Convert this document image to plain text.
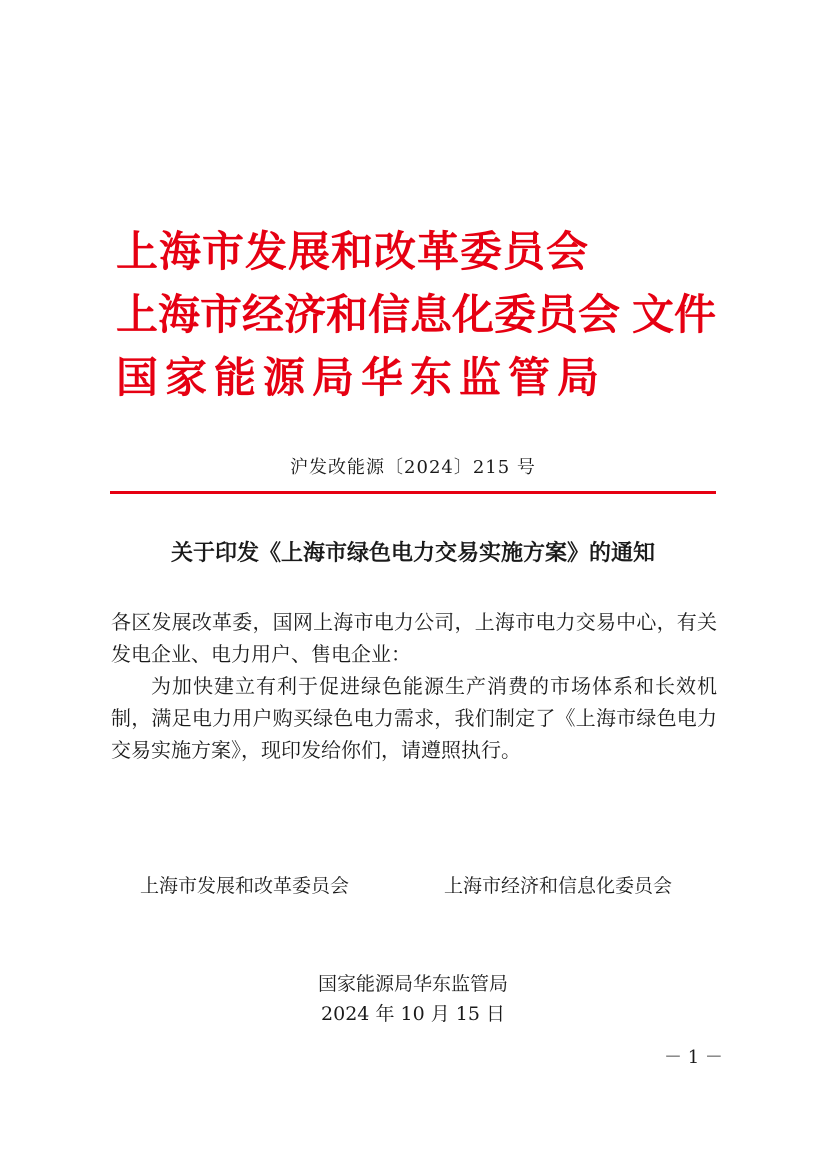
上海市发展和改革委员会
上海市经济和信息化委员会 文件
国家能源局华东监管局
沪发改能源〔2024〕215 号
关于印发《上海市绿色电力交易实施方案》的通知

各区发展改革委，国网上海市电力公司，上海市电力交易中心，有关发电企业、电力用户、售电企业：

为加快建立有利于促进绿色能源生产消费的市场体系和长效机制，满足电力用户购买绿色电力需求，我们制定了《上海市绿色电力交易实施方案》，现印发给你们，请遵照执行。

上海市发展和改革委员会	上海市经济和信息化委员会
国家能源局华东监管局
2024 年 10 月 15 日
－ 1 －
